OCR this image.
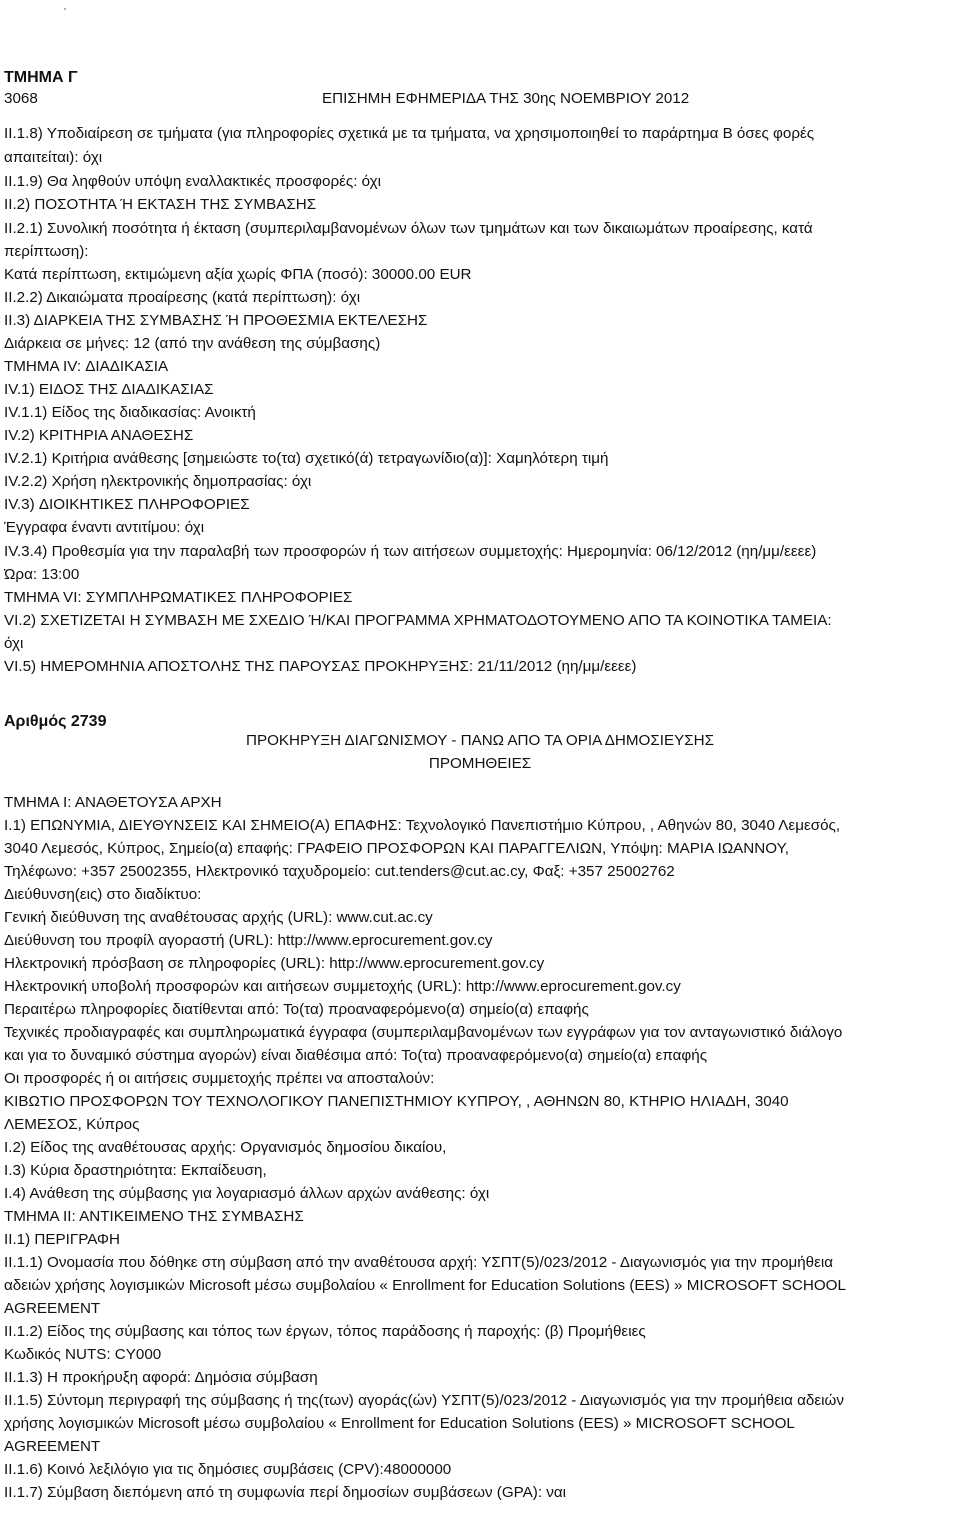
ΤΜΗΜΑ Γ
3068	ΕΠΙΣΗΜΗ ΕΦΗΜΕΡΙΔΑ ΤΗΣ 30ης ΝΟΕΜΒΡΙΟΥ 2012
ΙΙ.1.8) Υποδιαίρεση σε τμήματα (για πληροφορίες σχετικά με τα τμήματα, να χρησιμοποιηθεί το παράρτημα Β όσες φορές
απαιτείται): όχι
ΙΙ.1.9) Θα ληφθούν υπόψη εναλλακτικές προσφορές: όχι
ΙΙ.2) ΠΟΣΟΤΗΤΑ Ή ΕΚΤΑΣΗ ΤΗΣ ΣΥΜΒΑΣΗΣ
ΙΙ.2.1) Συνολική ποσότητα ή έκταση (συμπεριλαμβανομένων όλων των τμημάτων και των δικαιωμάτων προαίρεσης, κατά
περίπτωση):
Κατά περίπτωση, εκτιμώμενη αξία χωρίς ΦΠΑ (ποσό): 30000.00 EUR
ΙΙ.2.2) Δικαιώματα προαίρεσης (κατά περίπτωση): όχι
ΙΙ.3) ΔΙΑΡΚΕΙΑ ΤΗΣ ΣΥΜΒΑΣΗΣ Ή ΠΡΟΘΕΣΜΙΑ ΕΚΤΕΛΕΣΗΣ
Διάρκεια σε μήνες: 12 (από την ανάθεση της σύμβασης)
ΤΜΗΜΑ IV: ΔΙΑΔΙΚΑΣΙΑ
IV.1) ΕΙΔΟΣ ΤΗΣ ΔΙΑΔΙΚΑΣΙΑΣ
IV.1.1) Είδος της διαδικασίας: Ανοικτή
IV.2) ΚΡΙΤΗΡΙΑ ΑΝΑΘΕΣΗΣ
IV.2.1) Κριτήρια ανάθεσης [σημειώστε το(τα) σχετικό(ά) τετραγωνίδιο(α)]: Χαμηλότερη τιμή
IV.2.2) Χρήση ηλεκτρονικής δημοπρασίας: όχι
IV.3) ΔΙΟΙΚΗΤΙΚΕΣ ΠΛΗΡΟΦΟΡΙΕΣ
Έγγραφα έναντι αντιτίμου: όχι
IV.3.4) Προθεσμία για την παραλαβή των προσφορών ή των αιτήσεων συμμετοχής: Ημερομηνία: 06/12/2012 (ηη/μμ/εεεε)
Ώρα: 13:00
ΤΜΗΜΑ VI: ΣΥΜΠΛΗΡΩΜΑΤΙΚΕΣ ΠΛΗΡΟΦΟΡΙΕΣ
VI.2) ΣΧΕΤΙΖΕΤΑΙ Η ΣΥΜΒΑΣΗ ΜΕ ΣΧΕΔΙΟ Ή/ΚΑΙ ΠΡΟΓΡΑΜΜΑ ΧΡΗΜΑΤΟΔΟΤΟΥΜΕΝΟ ΑΠΟ ΤΑ ΚΟΙΝΟΤΙΚΑ ΤΑΜΕΙΑ:
όχι
VI.5) ΗΜΕΡΟΜΗΝΙΑ ΑΠΟΣΤΟΛΗΣ ΤΗΣ ΠΑΡΟΥΣΑΣ ΠΡΟΚΗΡΥΞΗΣ: 21/11/2012 (ηη/μμ/εεεε)
Αριθμός 2739
ΠΡΟΚΗΡΥΞΗ ΔΙΑΓΩΝΙΣΜΟΥ - ΠΑΝΩ ΑΠΟ ΤΑ ΟΡΙΑ ΔΗΜΟΣΙΕΥΣΗΣ
ΠΡΟΜΗΘΕΙΕΣ
ΤΜΗΜΑ Ι: ΑΝΑΘΕΤΟΥΣΑ ΑΡΧΗ
Ι.1) ΕΠΩΝΥΜΙΑ, ΔΙΕΥΘΥΝΣΕΙΣ ΚΑΙ ΣΗΜΕΙΟ(Α) ΕΠΑΦΗΣ: Τεχνολογικό Πανεπιστήμιο Κύπρου, , Αθηνών 80, 3040 Λεμεσός,
3040 Λεμεσός, Κύπρος, Σημείο(α) επαφής: ΓΡΑΦΕΙΟ ΠΡΟΣΦΟΡΩΝ ΚΑΙ ΠΑΡΑΓΓΕΛΙΩΝ, Υπόψη: ΜΑΡΙΑ ΙΩΑΝΝΟΥ,
Τηλέφωνο: +357 25002355, Ηλεκτρονικό ταχυδρομείο: cut.tenders@cut.ac.cy, Φαξ: +357 25002762
Διεύθυνση(εις) στο διαδίκτυο:
Γενική διεύθυνση της αναθέτουσας αρχής (URL): www.cut.ac.cy
Διεύθυνση του προφίλ αγοραστή (URL): http://www.eprocurement.gov.cy
Ηλεκτρονική πρόσβαση σε πληροφορίες (URL): http://www.eprocurement.gov.cy
Ηλεκτρονική υποβολή προσφορών και αιτήσεων συμμετοχής (URL): http://www.eprocurement.gov.cy
Περαιτέρω πληροφορίες διατίθενται από: Το(τα) προαναφερόμενο(α) σημείο(α) επαφής
Τεχνικές προδιαγραφές και συμπληρωματικά έγγραφα (συμπεριλαμβανομένων των εγγράφων για τον ανταγωνιστικό διάλογο
και για το δυναμικό σύστημα αγορών) είναι διαθέσιμα από: Το(τα) προαναφερόμενο(α) σημείο(α) επαφής
Οι προσφορές ή οι αιτήσεις συμμετοχής πρέπει να αποσταλούν:
ΚΙΒΩΤΙΟ ΠΡΟΣΦΟΡΩΝ ΤΟΥ ΤΕΧΝΟΛΟΓΙΚΟΥ ΠΑΝΕΠΙΣΤΗΜΙΟΥ ΚΥΠΡΟΥ, , ΑΘΗΝΩΝ 80, ΚΤΗΡΙΟ ΗΛΙΑΔΗ, 3040
ΛΕΜΕΣΟΣ, Κύπρος
Ι.2) Είδος της αναθέτουσας αρχής: Οργανισμός δημοσίου δικαίου,
Ι.3) Κύρια δραστηριότητα: Εκπαίδευση,
Ι.4) Ανάθεση της σύμβασης για λογαριασμό άλλων αρχών ανάθεσης: όχι
ΤΜΗΜΑ ΙΙ: ΑΝΤΙΚΕΙΜΕΝΟ ΤΗΣ ΣΥΜΒΑΣΗΣ
ΙΙ.1) ΠΕΡΙΓΡΑΦΗ
ΙΙ.1.1) Ονομασία που δόθηκε στη σύμβαση από την αναθέτουσα αρχή: ΥΣΠΤ(5)/023/2012 - Διαγωνισμός για την προμήθεια
αδειών χρήσης λογισμικών Microsoft μέσω συμβολαίου « Enrollment for Education Solutions (EES) » MICROSOFT SCHOOL
AGREEMENT
ΙΙ.1.2) Είδος της σύμβασης και τόπος των έργων, τόπος παράδοσης ή παροχής: (β) Προμήθειες
Κωδικός NUTS: CY000
ΙΙ.1.3) Η προκήρυξη αφορά: Δημόσια σύμβαση
ΙΙ.1.5) Σύντομη περιγραφή της σύμβασης ή της(των) αγοράς(ών) ΥΣΠΤ(5)/023/2012 - Διαγωνισμός για την προμήθεια αδειών
χρήσης λογισμικών Microsoft μέσω συμβολαίου « Enrollment for Education Solutions (EES) » MICROSOFT SCHOOL
AGREEMENT
ΙΙ.1.6) Κοινό λεξιλόγιο για τις δημόσιες συμβάσεις (CPV):48000000
ΙΙ.1.7) Σύμβαση διεπόμενη από τη συμφωνία περί δημοσίων συμβάσεων (GPA): ναι
